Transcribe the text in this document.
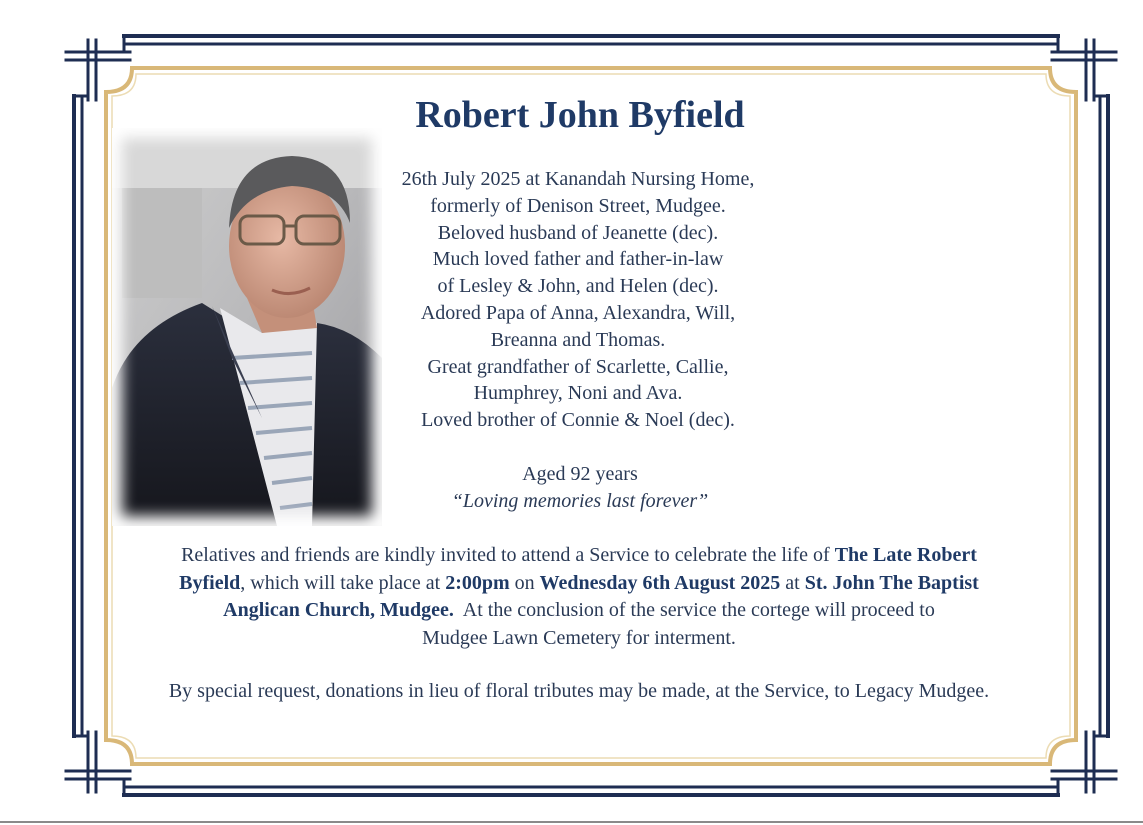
Robert John Byfield
26th July 2025 at Kanandah Nursing Home,
formerly of Denison Street, Mudgee.
Beloved husband of Jeanette (dec).
Much loved father and father-in-law
of Lesley & John, and Helen (dec).
Adored Papa of Anna, Alexandra, Will,
Breanna and Thomas.
Great grandfather of Scarlette, Callie,
Humphrey, Noni and Ava.
Loved brother of Connie & Noel (dec).
Aged 92 years
“Loving memories last forever”
Relatives and friends are kindly invited to attend a Service to celebrate the life of The Late Robert
Byfield, which will take place at 2:00pm on Wednesday 6th August 2025 at St. John The Baptist
Anglican Church, Mudgee.  At the conclusion of the service the cortege will proceed to
Mudgee Lawn Cemetery for interment.
By special request, donations in lieu of floral tributes may be made, at the Service, to Legacy Mudgee.
